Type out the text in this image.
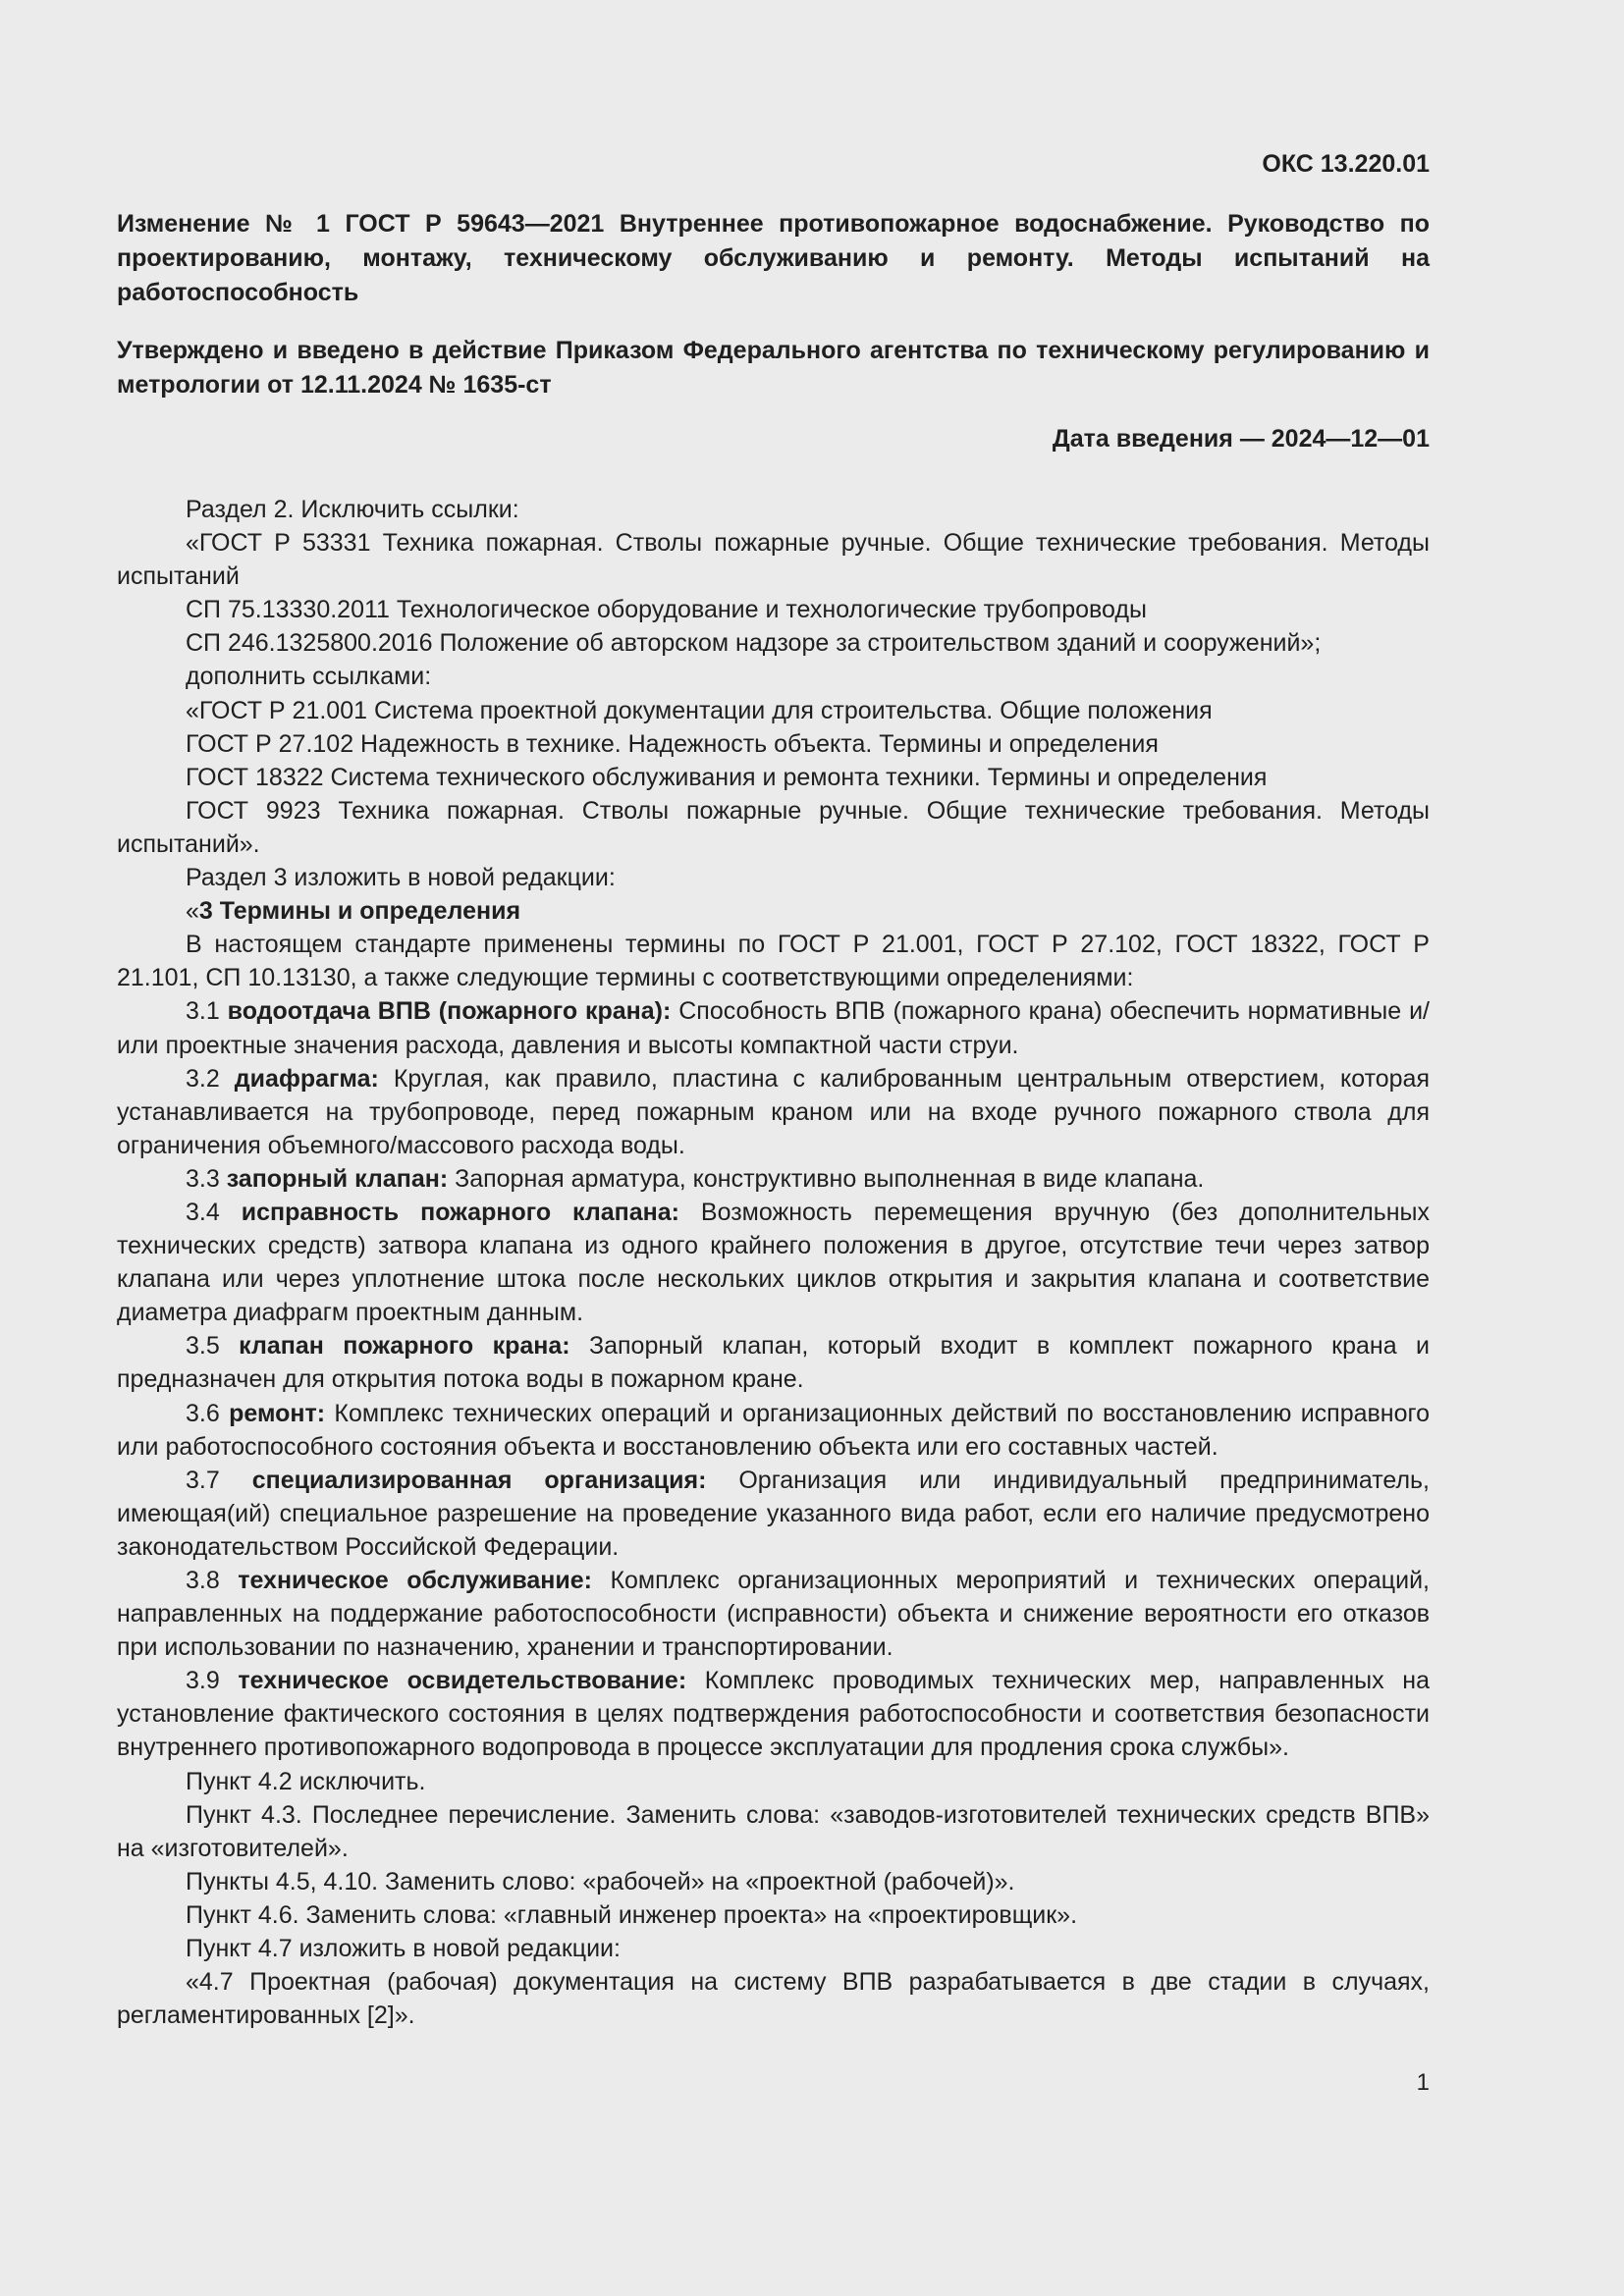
ОКС 13.220.01

Изменение № 1 ГОСТ Р 59643—2021 Внутреннее противопожарное водоснабжение. Руководство по проектированию, монтажу, техническому обслуживанию и ремонту. Методы испытаний на работоспособность

Утверждено и введено в действие Приказом Федерального агентства по техническому регулированию и метрологии от 12.11.2024 № 1635-ст

Дата введения — 2024—12—01

Раздел 2. Исключить ссылки:

«ГОСТ Р 53331 Техника пожарная. Стволы пожарные ручные. Общие технические требования. Методы испытаний

СП 75.13330.2011 Технологическое оборудование и технологические трубопроводы

СП 246.1325800.2016 Положение об авторском надзоре за строительством зданий и сооружений»;

дополнить ссылками:

«ГОСТ Р 21.001 Система проектной документации для строительства. Общие положения

ГОСТ Р 27.102 Надежность в технике. Надежность объекта. Термины и определения

ГОСТ 18322 Система технического обслуживания и ремонта техники. Термины и определения

ГОСТ 9923 Техника пожарная. Стволы пожарные ручные. Общие технические требования. Методы испытаний».

Раздел 3 изложить в новой редакции:

«3 Термины и определения

В настоящем стандарте применены термины по ГОСТ Р 21.001, ГОСТ Р 27.102, ГОСТ 18322, ГОСТ Р 21.101, СП 10.13130, а также следующие термины с соответствующими определениями:

3.1 водоотдача ВПВ (пожарного крана): Способность ВПВ (пожарного крана) обеспечить нормативные и/или проектные значения расхода, давления и высоты компактной части струи.

3.2 диафрагма: Круглая, как правило, пластина с калиброванным центральным отверстием, которая устанавливается на трубопроводе, перед пожарным краном или на входе ручного пожарного ствола для ограничения объемного/массового расхода воды.

3.3 запорный клапан: Запорная арматура, конструктивно выполненная в виде клапана.

3.4 исправность пожарного клапана: Возможность перемещения вручную (без дополнительных технических средств) затвора клапана из одного крайнего положения в другое, отсутствие течи через затвор клапана или через уплотнение штока после нескольких циклов открытия и закрытия клапана и соответствие диаметра диафрагм проектным данным.

3.5 клапан пожарного крана: Запорный клапан, который входит в комплект пожарного крана и предназначен для открытия потока воды в пожарном кране.

3.6 ремонт: Комплекс технических операций и организационных действий по восстановлению исправного или работоспособного состояния объекта и восстановлению объекта или его составных частей.

3.7 специализированная организация: Организация или индивидуальный предприниматель, имеющая(ий) специальное разрешение на проведение указанного вида работ, если его наличие предусмотрено законодательством Российской Федерации.

3.8 техническое обслуживание: Комплекс организационных мероприятий и технических операций, направленных на поддержание работоспособности (исправности) объекта и снижение вероятности его отказов при использовании по назначению, хранении и транспортировании.

3.9 техническое освидетельствование: Комплекс проводимых технических мер, направленных на установление фактического состояния в целях подтверждения работоспособности и соответствия безопасности внутреннего противопожарного водопровода в процессе эксплуатации для продления срока службы».

Пункт 4.2 исключить.

Пункт 4.3. Последнее перечисление. Заменить слова: «заводов-изготовителей технических средств ВПВ» на «изготовителей».

Пункты 4.5, 4.10. Заменить слово: «рабочей» на «проектной (рабочей)».

Пункт 4.6. Заменить слова: «главный инженер проекта» на «проектировщик».

Пункт 4.7 изложить в новой редакции:

«4.7 Проектная (рабочая) документация на систему ВПВ разрабатывается в две стадии в случаях, регламентированных [2]».

1
